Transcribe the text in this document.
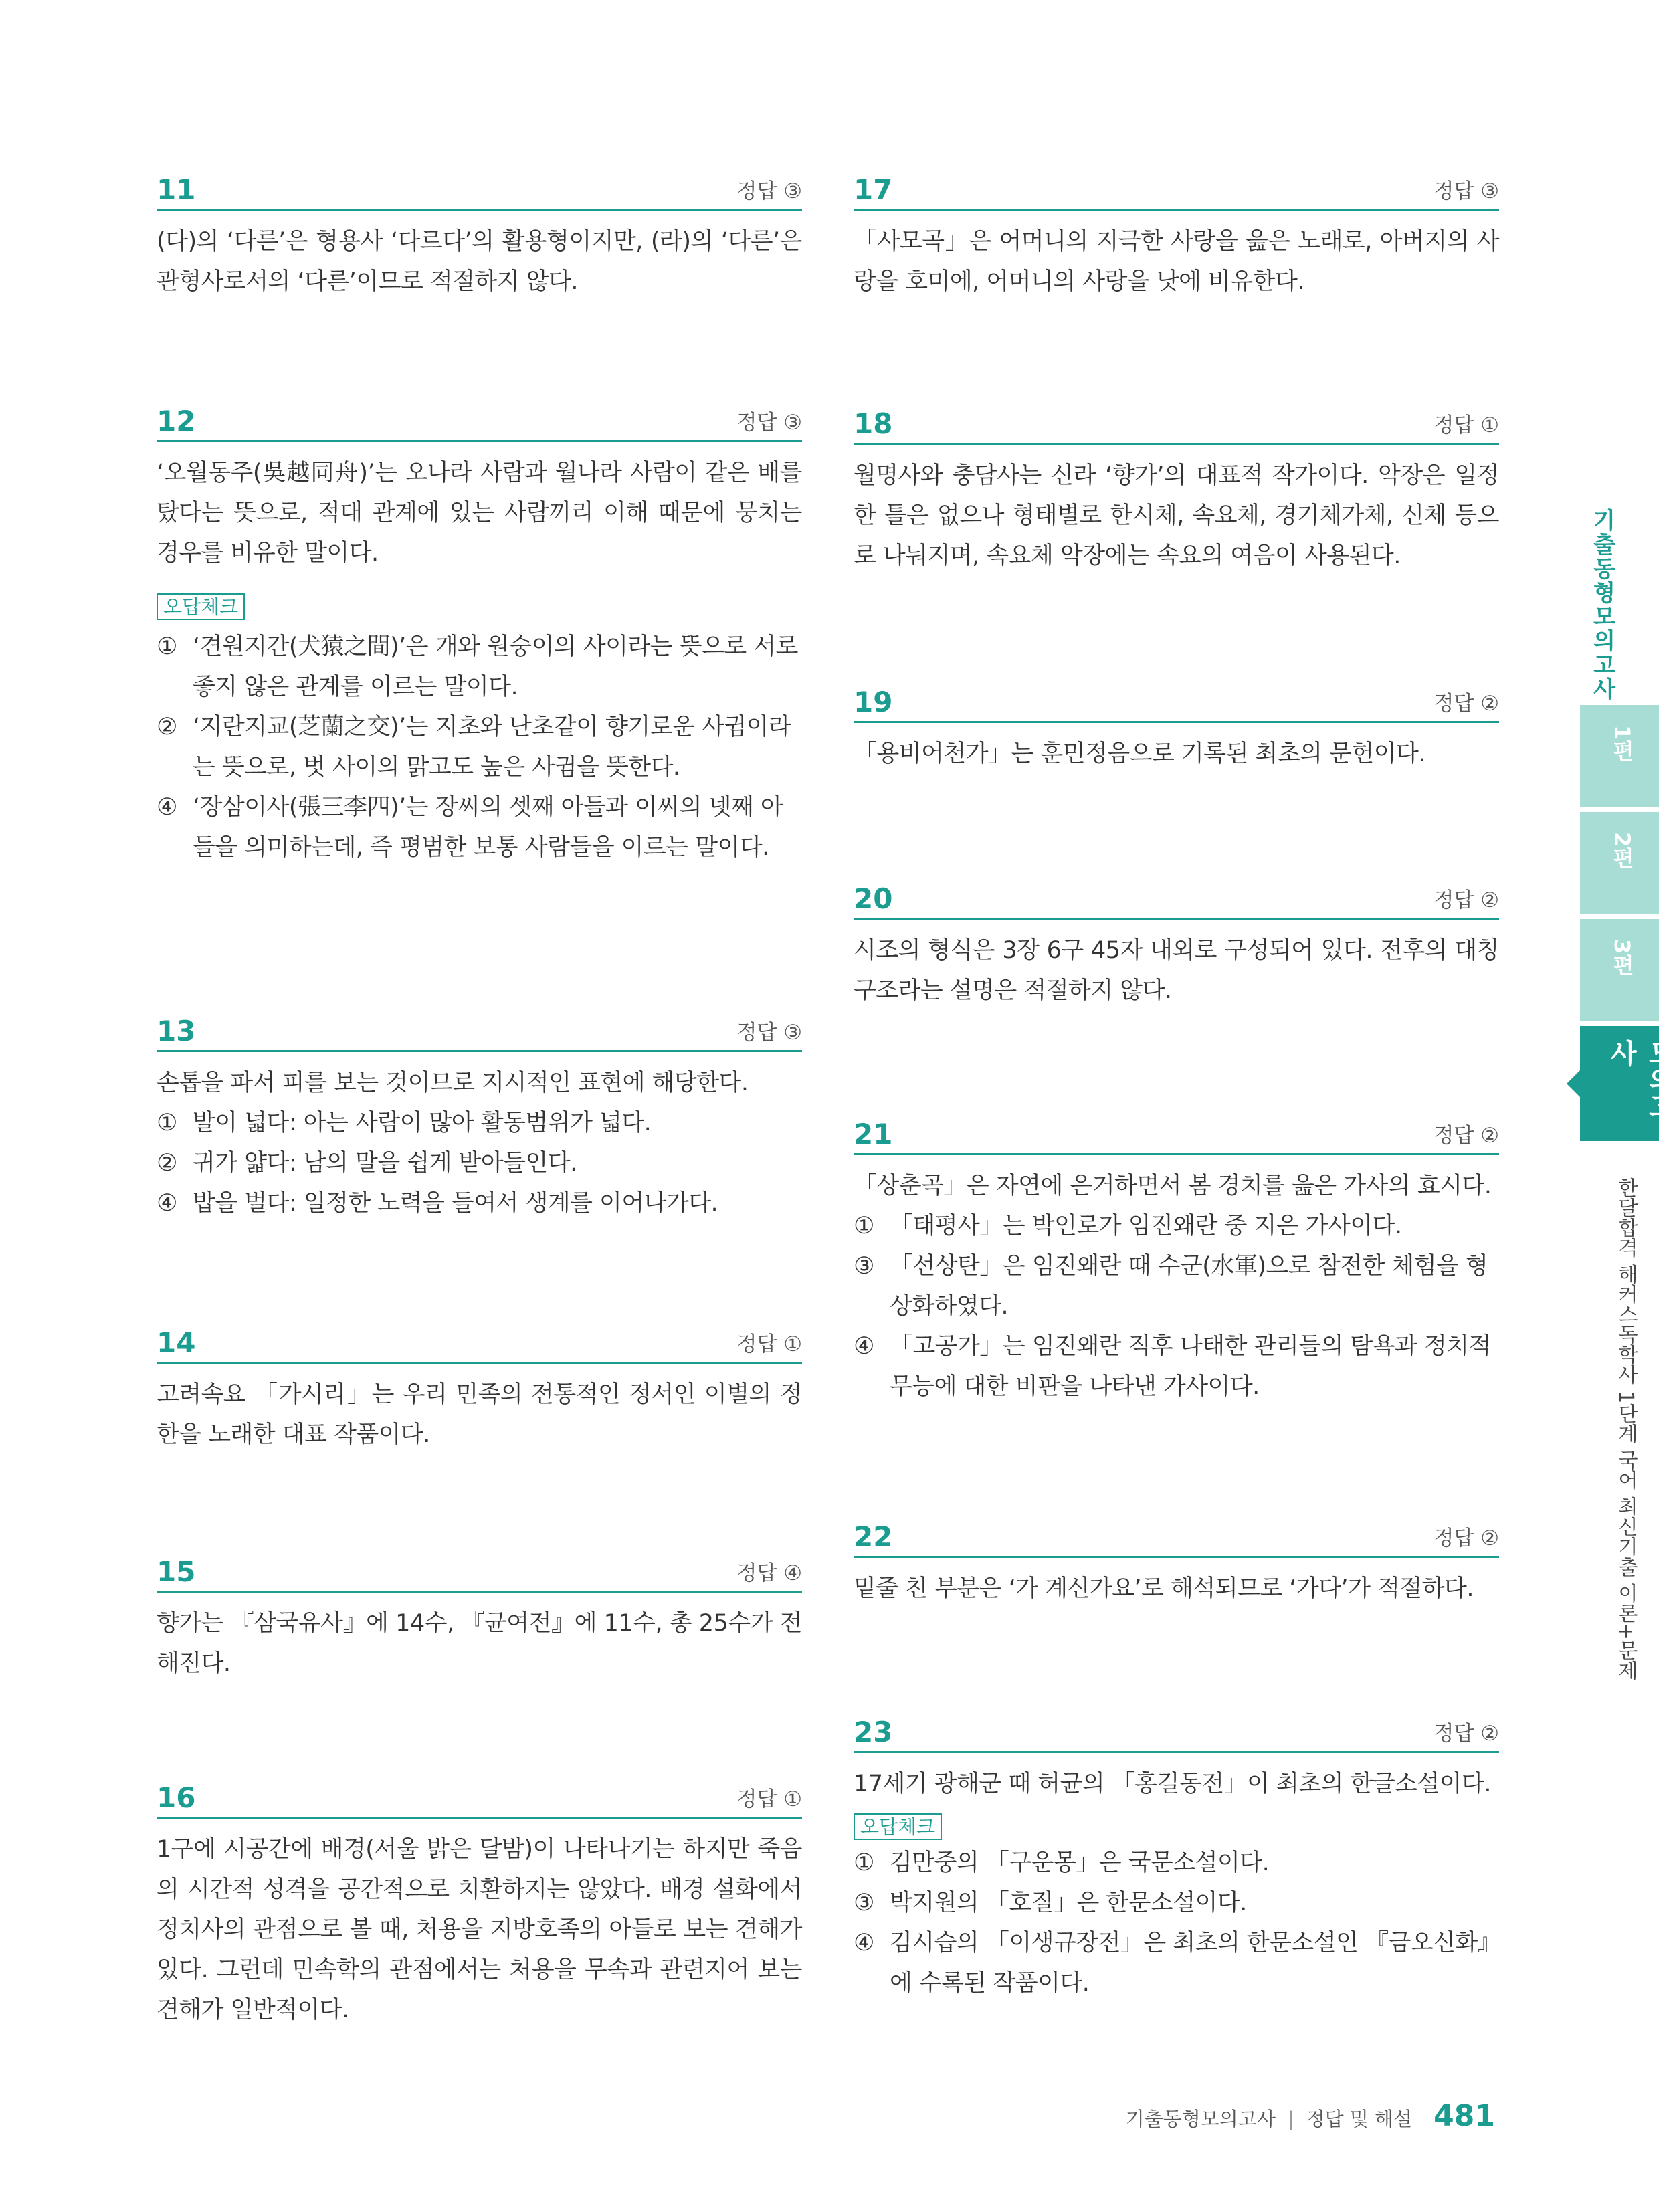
11	정답 ③

(다)의 ‘다른’은 형용사 ‘다르다’의 활용형이지만, (라)의 ‘다른’은 관형사로서의 ‘다른’이므로 적절하지 않다.

12	정답 ③

‘오월동주(吳越同舟)’는 오나라 사람과 월나라 사람이 같은 배를 탔다는 뜻으로, 적대 관계에 있는 사람끼리 이해 때문에 뭉치는 경우를 비유한 말이다.

오답체크
① ‘견원지간(犬猿之間)’은 개와 원숭이의 사이라는 뜻으로 서로 좋지 않은 관계를 이르는 말이다.
② ‘지란지교(芝蘭之交)’는 지초와 난초같이 향기로운 사귐이라는 뜻으로, 벗 사이의 맑고도 높은 사귐을 뜻한다.
④ ‘장삼이사(張三李四)’는 장씨의 셋째 아들과 이씨의 넷째 아들을 의미하는데, 즉 평범한 보통 사람들을 이르는 말이다.
13	정답 ③

손톱을 파서 피를 보는 것이므로 지시적인 표현에 해당한다.

① 발이 넓다: 아는 사람이 많아 활동범위가 넓다.
② 귀가 얇다: 남의 말을 쉽게 받아들인다.
④ 밥을 벌다: 일정한 노력을 들여서 생계를 이어나가다.
14	정답 ①

고려속요 「가시리」는 우리 민족의 전통적인 정서인 이별의 정한을 노래한 대표 작품이다.

15	정답 ④

향가는 『삼국유사』에 14수, 『균여전』에 11수, 총 25수가 전해진다.

16	정답 ①

1구에 시공간에 배경(서울 밝은 달밤)이 나타나기는 하지만 죽음의 시간적 성격을 공간적으로 치환하지는 않았다. 배경 설화에서 정치사의 관점으로 볼 때, 처용을 지방호족의 아들로 보는 견해가 있다. 그런데 민속학의 관점에서는 처용을 무속과 관련지어 보는 견해가 일반적이다.

17	정답 ③

「사모곡」은 어머니의 지극한 사랑을 읊은 노래로, 아버지의 사랑을 호미에, 어머니의 사랑을 낫에 비유한다.

18	정답 ①

월명사와 충담사는 신라 ‘향가’의 대표적 작가이다. 악장은 일정한 틀은 없으나 형태별로 한시체, 속요체, 경기체가체, 신체 등으로 나눠지며, 속요체 악장에는 속요의 여음이 사용된다.

19	정답 ②

「용비어천가」는 훈민정음으로 기록된 최초의 문헌이다.

20	정답 ②

시조의 형식은 3장 6구 45자 내외로 구성되어 있다. 전후의 대칭 구조라는 설명은 적절하지 않다.

21	정답 ②

「상춘곡」은 자연에 은거하면서 봄 경치를 읊은 가사의 효시다.

① 「태평사」는 박인로가 임진왜란 중 지은 가사이다.
③ 「선상탄」은 임진왜란 때 수군(水軍)으로 참전한 체험을 형상화하였다.
④ 「고공가」는 임진왜란 직후 나태한 관리들의 탐욕과 정치적 무능에 대한 비판을 나타낸 가사이다.
22	정답 ②

밑줄 친 부분은 ‘가 계신가요’로 해석되므로 ‘가다’가 적절하다.

23	정답 ②

17세기 광해군 때 허균의 「홍길동전」이 최초의 한글소설이다.

오답체크
① 김만중의 「구운몽」은 국문소설이다.
③ 박지원의 「호질」은 한문소설이다.
④ 김시습의 「이생규장전」은 최초의 한문소설인 『금오신화』에 수록된 작품이다.
기출동형모의고사
1편
2편
3편
모의고사
한달합격 해커스독학사 1단계 국어 최신기출 이론+문제
기출동형모의고사 | 정답 및 해설 481
